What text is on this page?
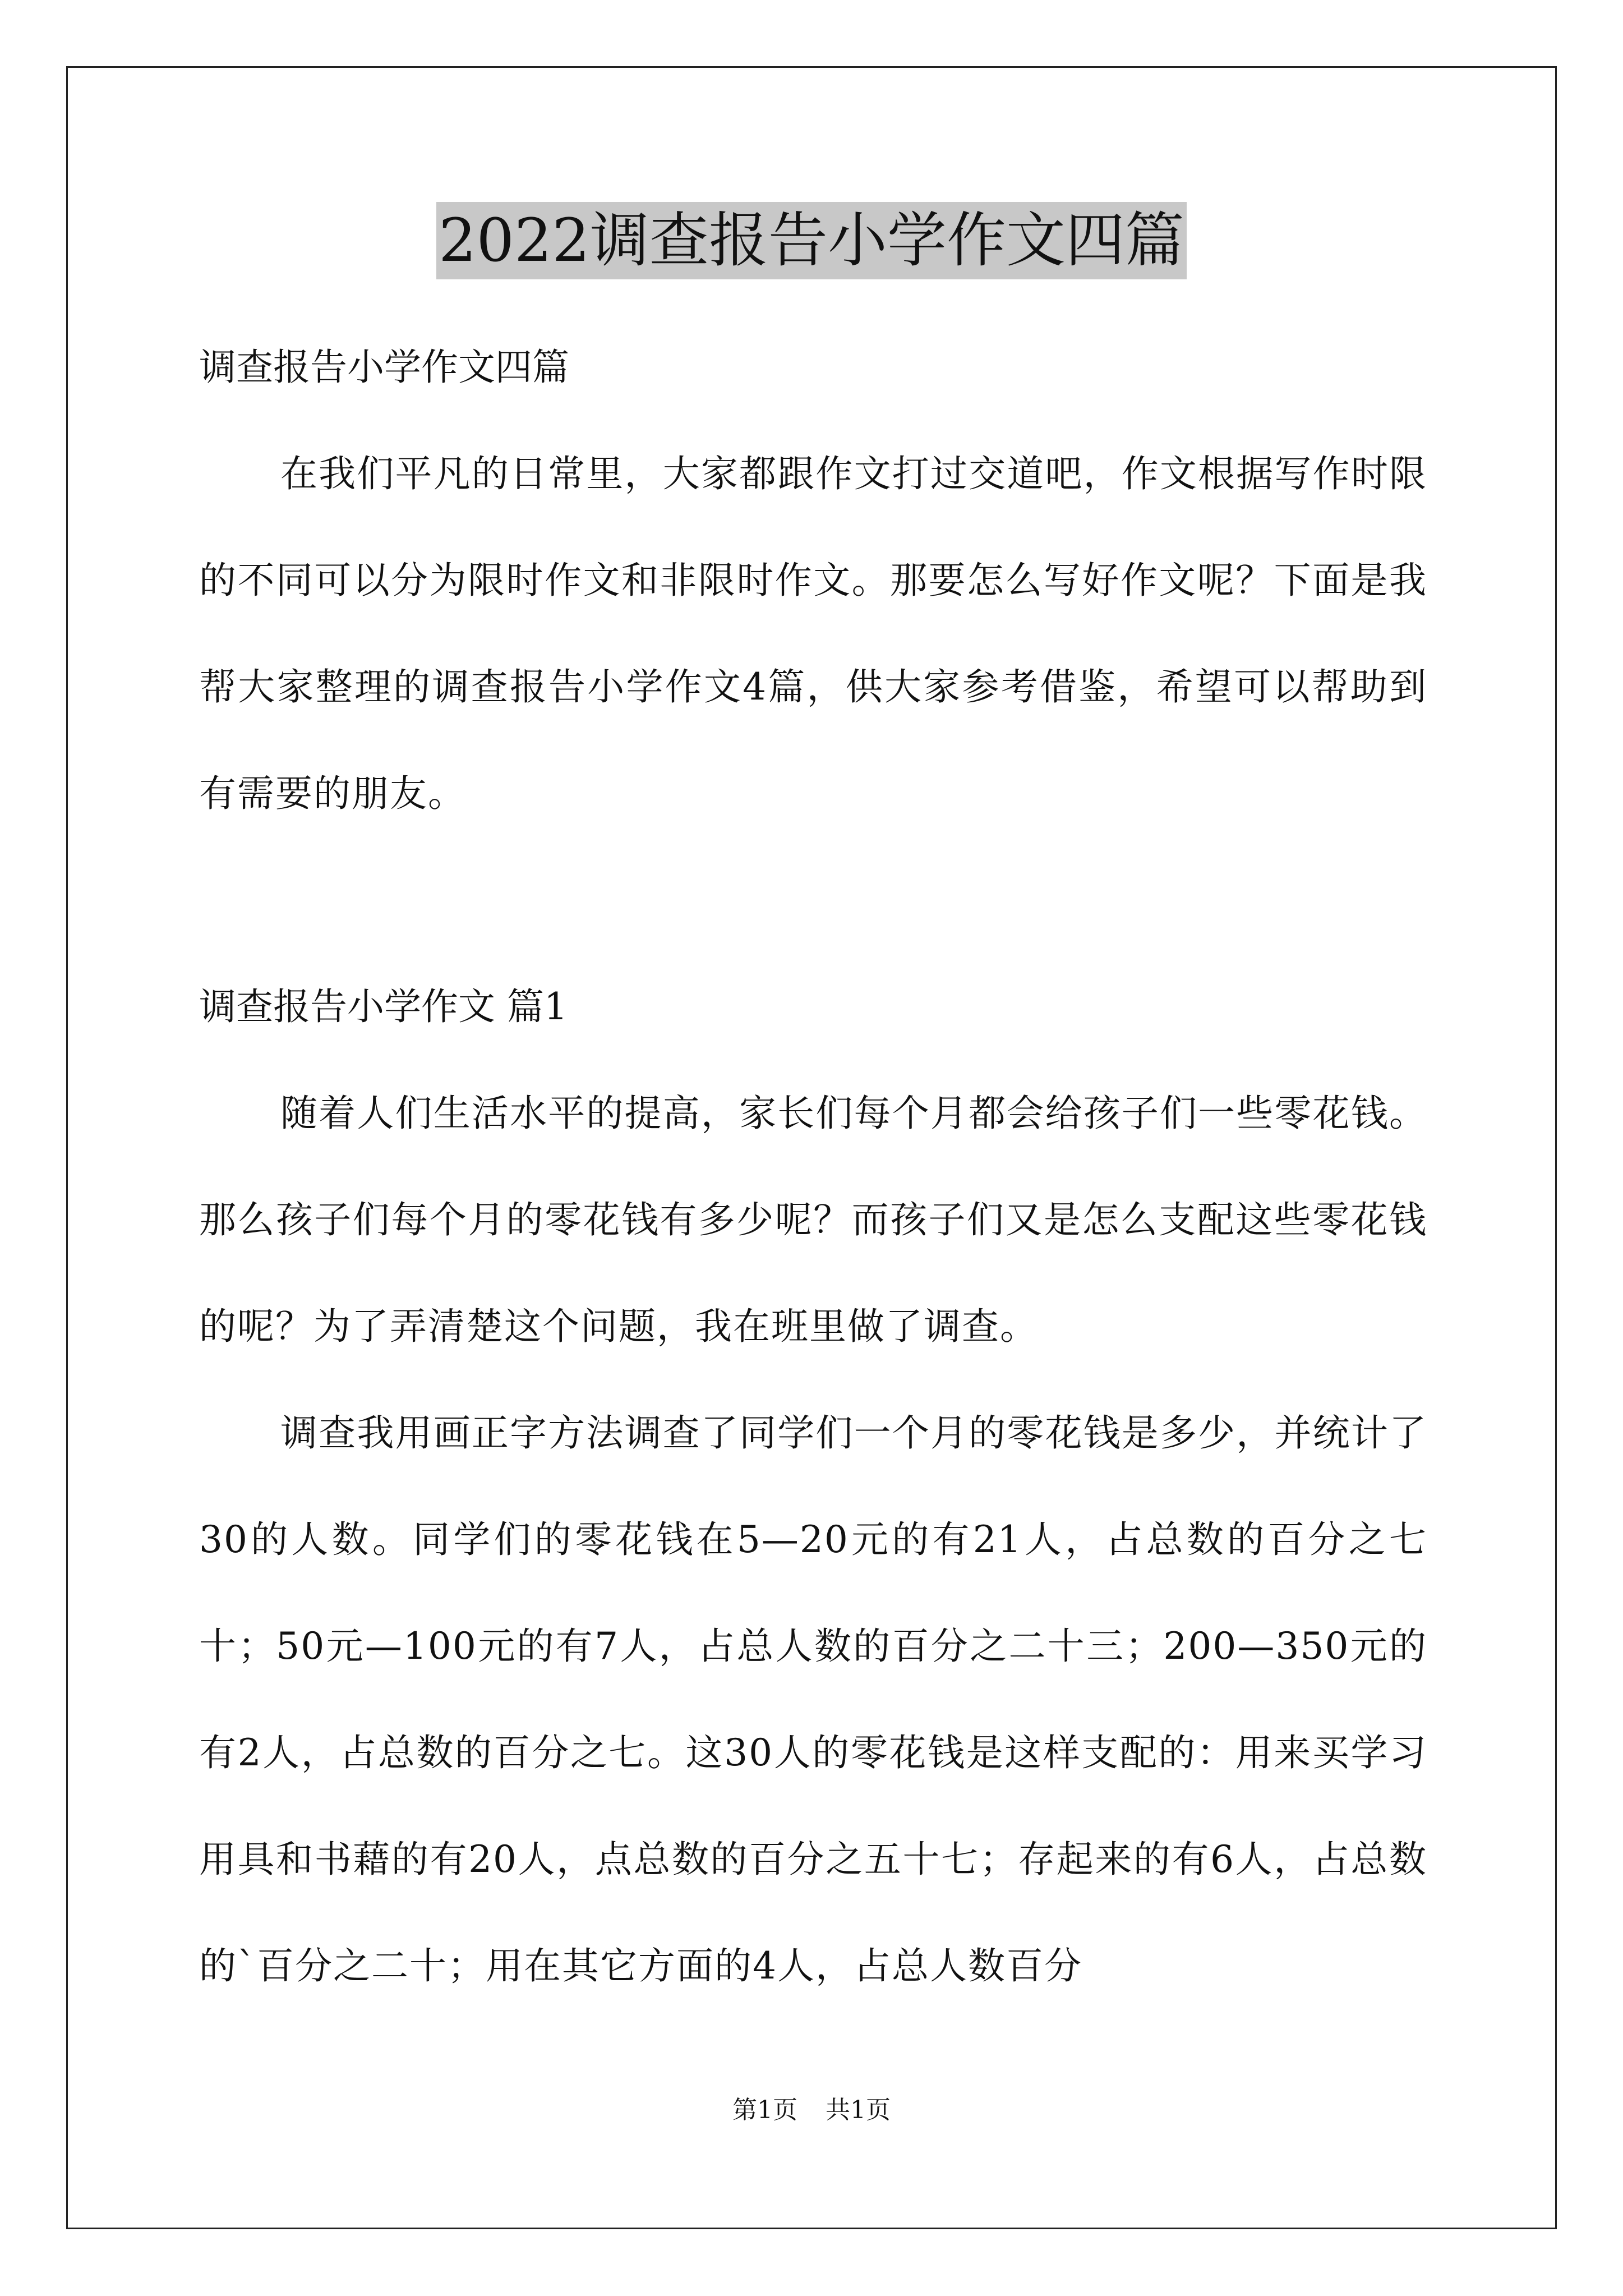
2022调查报告小学作文四篇

调查报告小学作文四篇

在我们平凡的日常里，大家都跟作文打过交道吧，作文根据写作时限的不同可以分为限时作文和非限时作文。那要怎么写好作文呢？下面是我帮大家整理的调查报告小学作文4篇，供大家参考借鉴，希望可以帮助到有需要的朋友。

调查报告小学作文 篇1

随着人们生活水平的提高，家长们每个月都会给孩子们一些零花钱。那么孩子们每个月的零花钱有多少呢？而孩子们又是怎么支配这些零花钱的呢？为了弄清楚这个问题，我在班里做了调查。

调查我用画正字方法调查了同学们一个月的零花钱是多少，并统计了30的人数。同学们的零花钱在5—20元的有21人，占总数的百分之七十；50元—100元的有7人，占总人数的百分之二十三；200—350元的有2人，占总数的百分之七。这30人的零花钱是这样支配的：用来买学习用具和书藉的有20人，点总数的百分之五十七；存起来的有6人，占总数的`百分之二十；用在其它方面的4人，占总人数百分

第1页 共1页
